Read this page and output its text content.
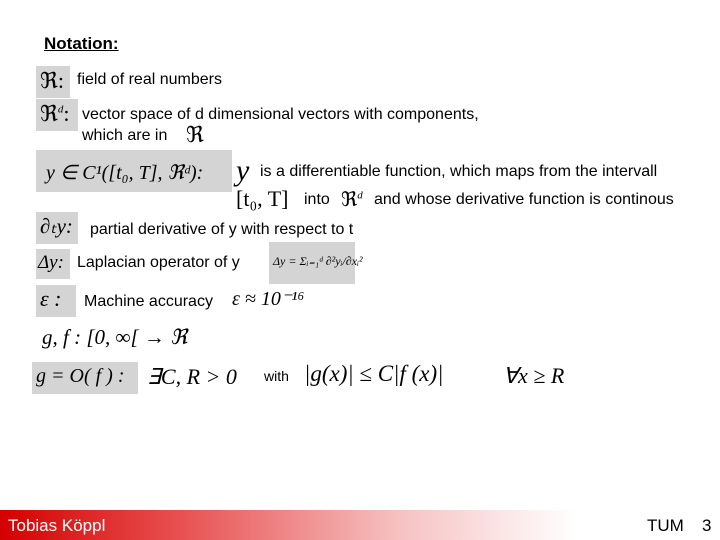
Notation:
ℜ: field of real numbers
ℜ$^d$: vector space of d dimensional vectors with components,
which are in ℜ
y ∈ C¹([t₀, T], ℜᵈ): y is a differentiable function, which maps from the intervall
[t₀, T] into ℜ$^d$ and whose derivative function is continous
∂ₜy: partial derivative of y with respect to t
Δy: Laplacian operator of y	Δy = Σᵢ₌₁ᵈ ∂²yᵢ/∂xᵢ²
ε : Machine accuracy ε ≈ 10⁻¹⁶
g, f : [0, ∞[ → ℜ
g = O( f ) : ∃C, R > 0 with |g(x)| ≤ C|f (x)|	∀x ≥ R
Tobias Köppl	TUM 3
